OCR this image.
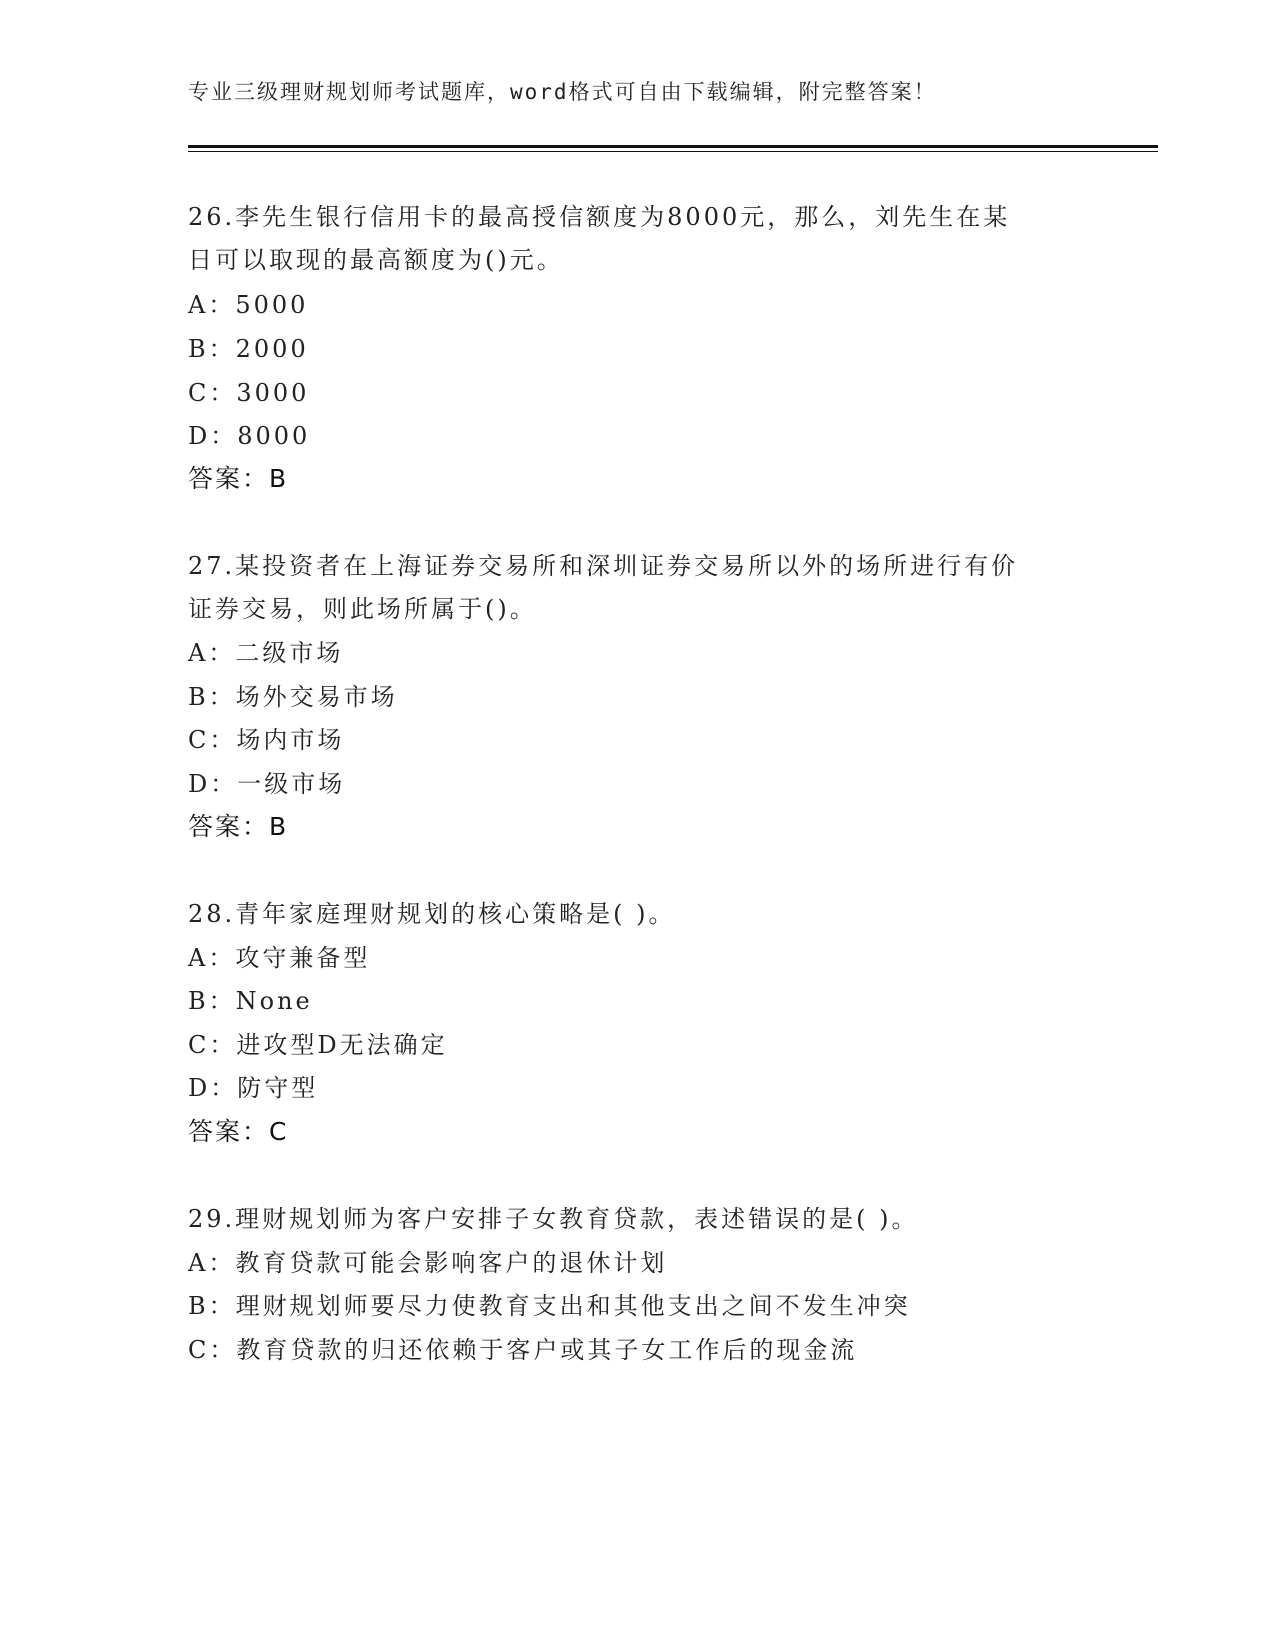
专业三级理财规划师考试题库，word格式可自由下载编辑，附完整答案！
26.李先生银行信用卡的最高授信额度为8000元，那么，刘先生在某
日可以取现的最高额度为()元。
A：5000
B：2000
C：3000
D：8000
答案：B
27.某投资者在上海证券交易所和深圳证券交易所以外的场所进行有价
证券交易，则此场所属于()。
A：二级市场
B：场外交易市场
C：场内市场
D：一级市场
答案：B
28.青年家庭理财规划的核心策略是( )。
A：攻守兼备型
B：None
C：进攻型D无法确定
D：防守型
答案：C
29.理财规划师为客户安排子女教育贷款，表述错误的是( )。
A：教育贷款可能会影响客户的退休计划
B：理财规划师要尽力使教育支出和其他支出之间不发生冲突
C：教育贷款的归还依赖于客户或其子女工作后的现金流
